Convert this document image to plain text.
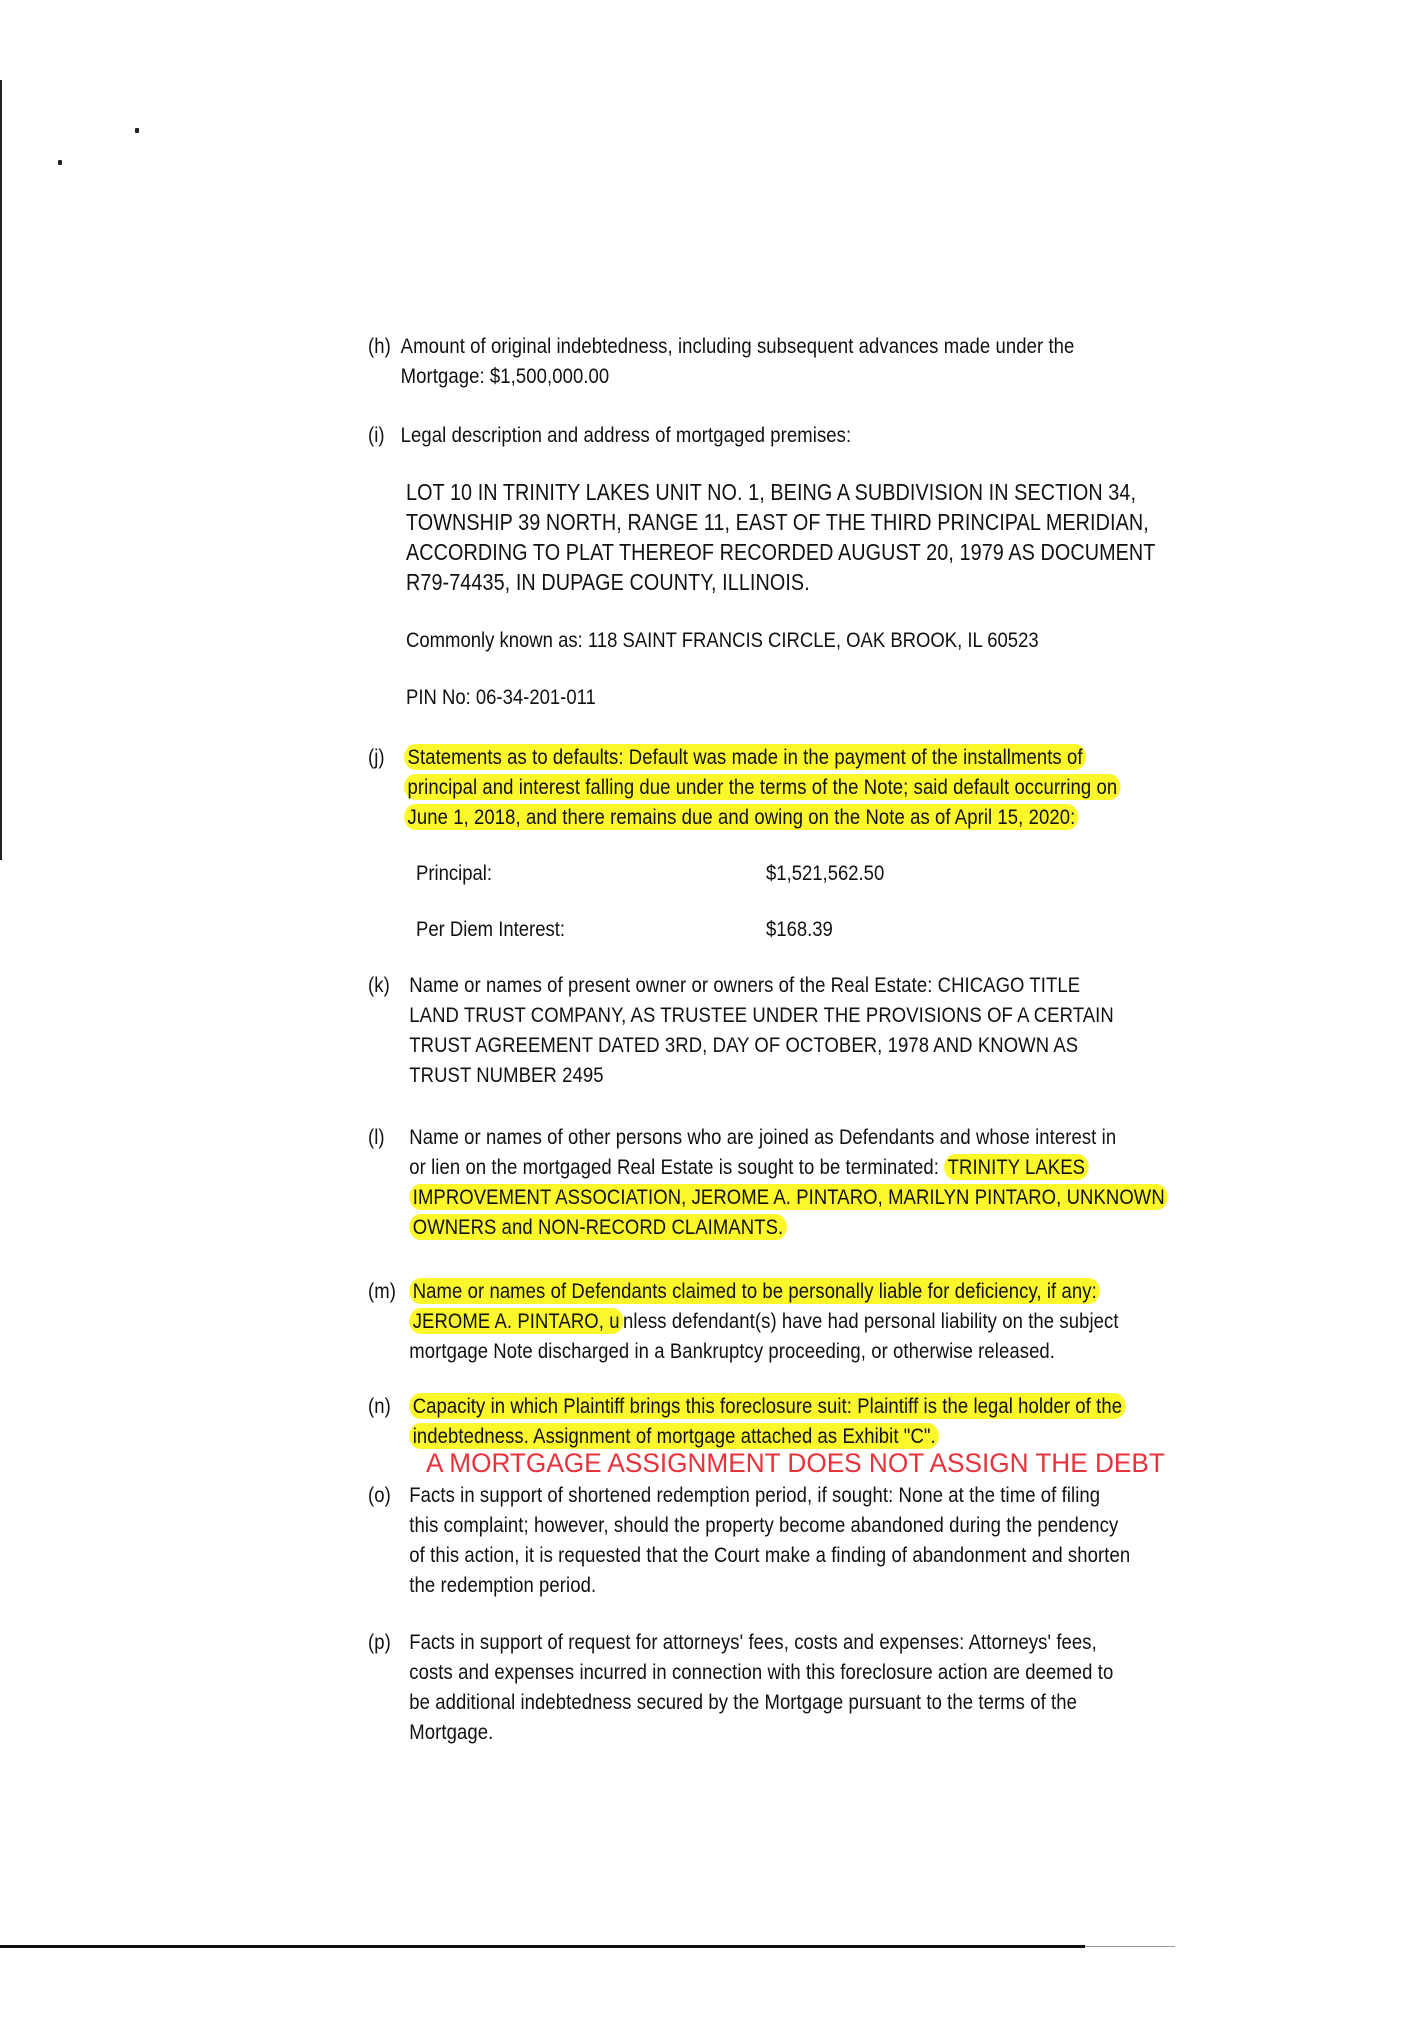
(h) Amount of original indebtedness, including subsequent advances made under the
Mortgage: $1,500,000.00
(i) Legal description and address of mortgaged premises:
LOT 10 IN TRINITY LAKES UNIT NO. 1, BEING A SUBDIVISION IN SECTION 34,
TOWNSHIP 39 NORTH, RANGE 11, EAST OF THE THIRD PRINCIPAL MERIDIAN,
ACCORDING TO PLAT THEREOF RECORDED AUGUST 20, 1979 AS DOCUMENT
R79-74435, IN DUPAGE COUNTY, ILLINOIS.
Commonly known as: 118 SAINT FRANCIS CIRCLE, OAK BROOK, IL 60523
PIN No: 06-34-201-011
(j) Statements as to defaults: Default was made in the payment of the installments of
principal and interest falling due under the terms of the Note; said default occurring on
June 1, 2018, and there remains due and owing on the Note as of April 15, 2020:
Principal:	$1,521,562.50
Per Diem Interest:	$168.39
(k) Name or names of present owner or owners of the Real Estate: CHICAGO TITLE
LAND TRUST COMPANY, AS TRUSTEE UNDER THE PROVISIONS OF A CERTAIN
TRUST AGREEMENT DATED 3RD, DAY OF OCTOBER, 1978 AND KNOWN AS
TRUST NUMBER 2495
(l) Name or names of other persons who are joined as Defendants and whose interest in
or lien on the mortgaged Real Estate is sought to be terminated: TRINITY LAKES
IMPROVEMENT ASSOCIATION, JEROME A. PINTARO, MARILYN PINTARO, UNKNOWN
OWNERS and NON-RECORD CLAIMANTS.
(m) Name or names of Defendants claimed to be personally liable for deficiency, if any:
JEROME A. PINTARO, u nless defendant(s) have had personal liability on the subject
mortgage Note discharged in a Bankruptcy proceeding, or otherwise released.
(n) Capacity in which Plaintiff brings this foreclosure suit: Plaintiff is the legal holder of the
indebtedness. Assignment of mortgage attached as Exhibit "C".
A MORTGAGE ASSIGNMENT DOES NOT ASSIGN THE DEBT
(o) Facts in support of shortened redemption period, if sought: None at the time of filing
this complaint; however, should the property become abandoned during the pendency
of this action, it is requested that the Court make a finding of abandonment and shorten
the redemption period.
(p) Facts in support of request for attorneys' fees, costs and expenses: Attorneys' fees,
costs and expenses incurred in connection with this foreclosure action are deemed to
be additional indebtedness secured by the Mortgage pursuant to the terms of the
Mortgage.
